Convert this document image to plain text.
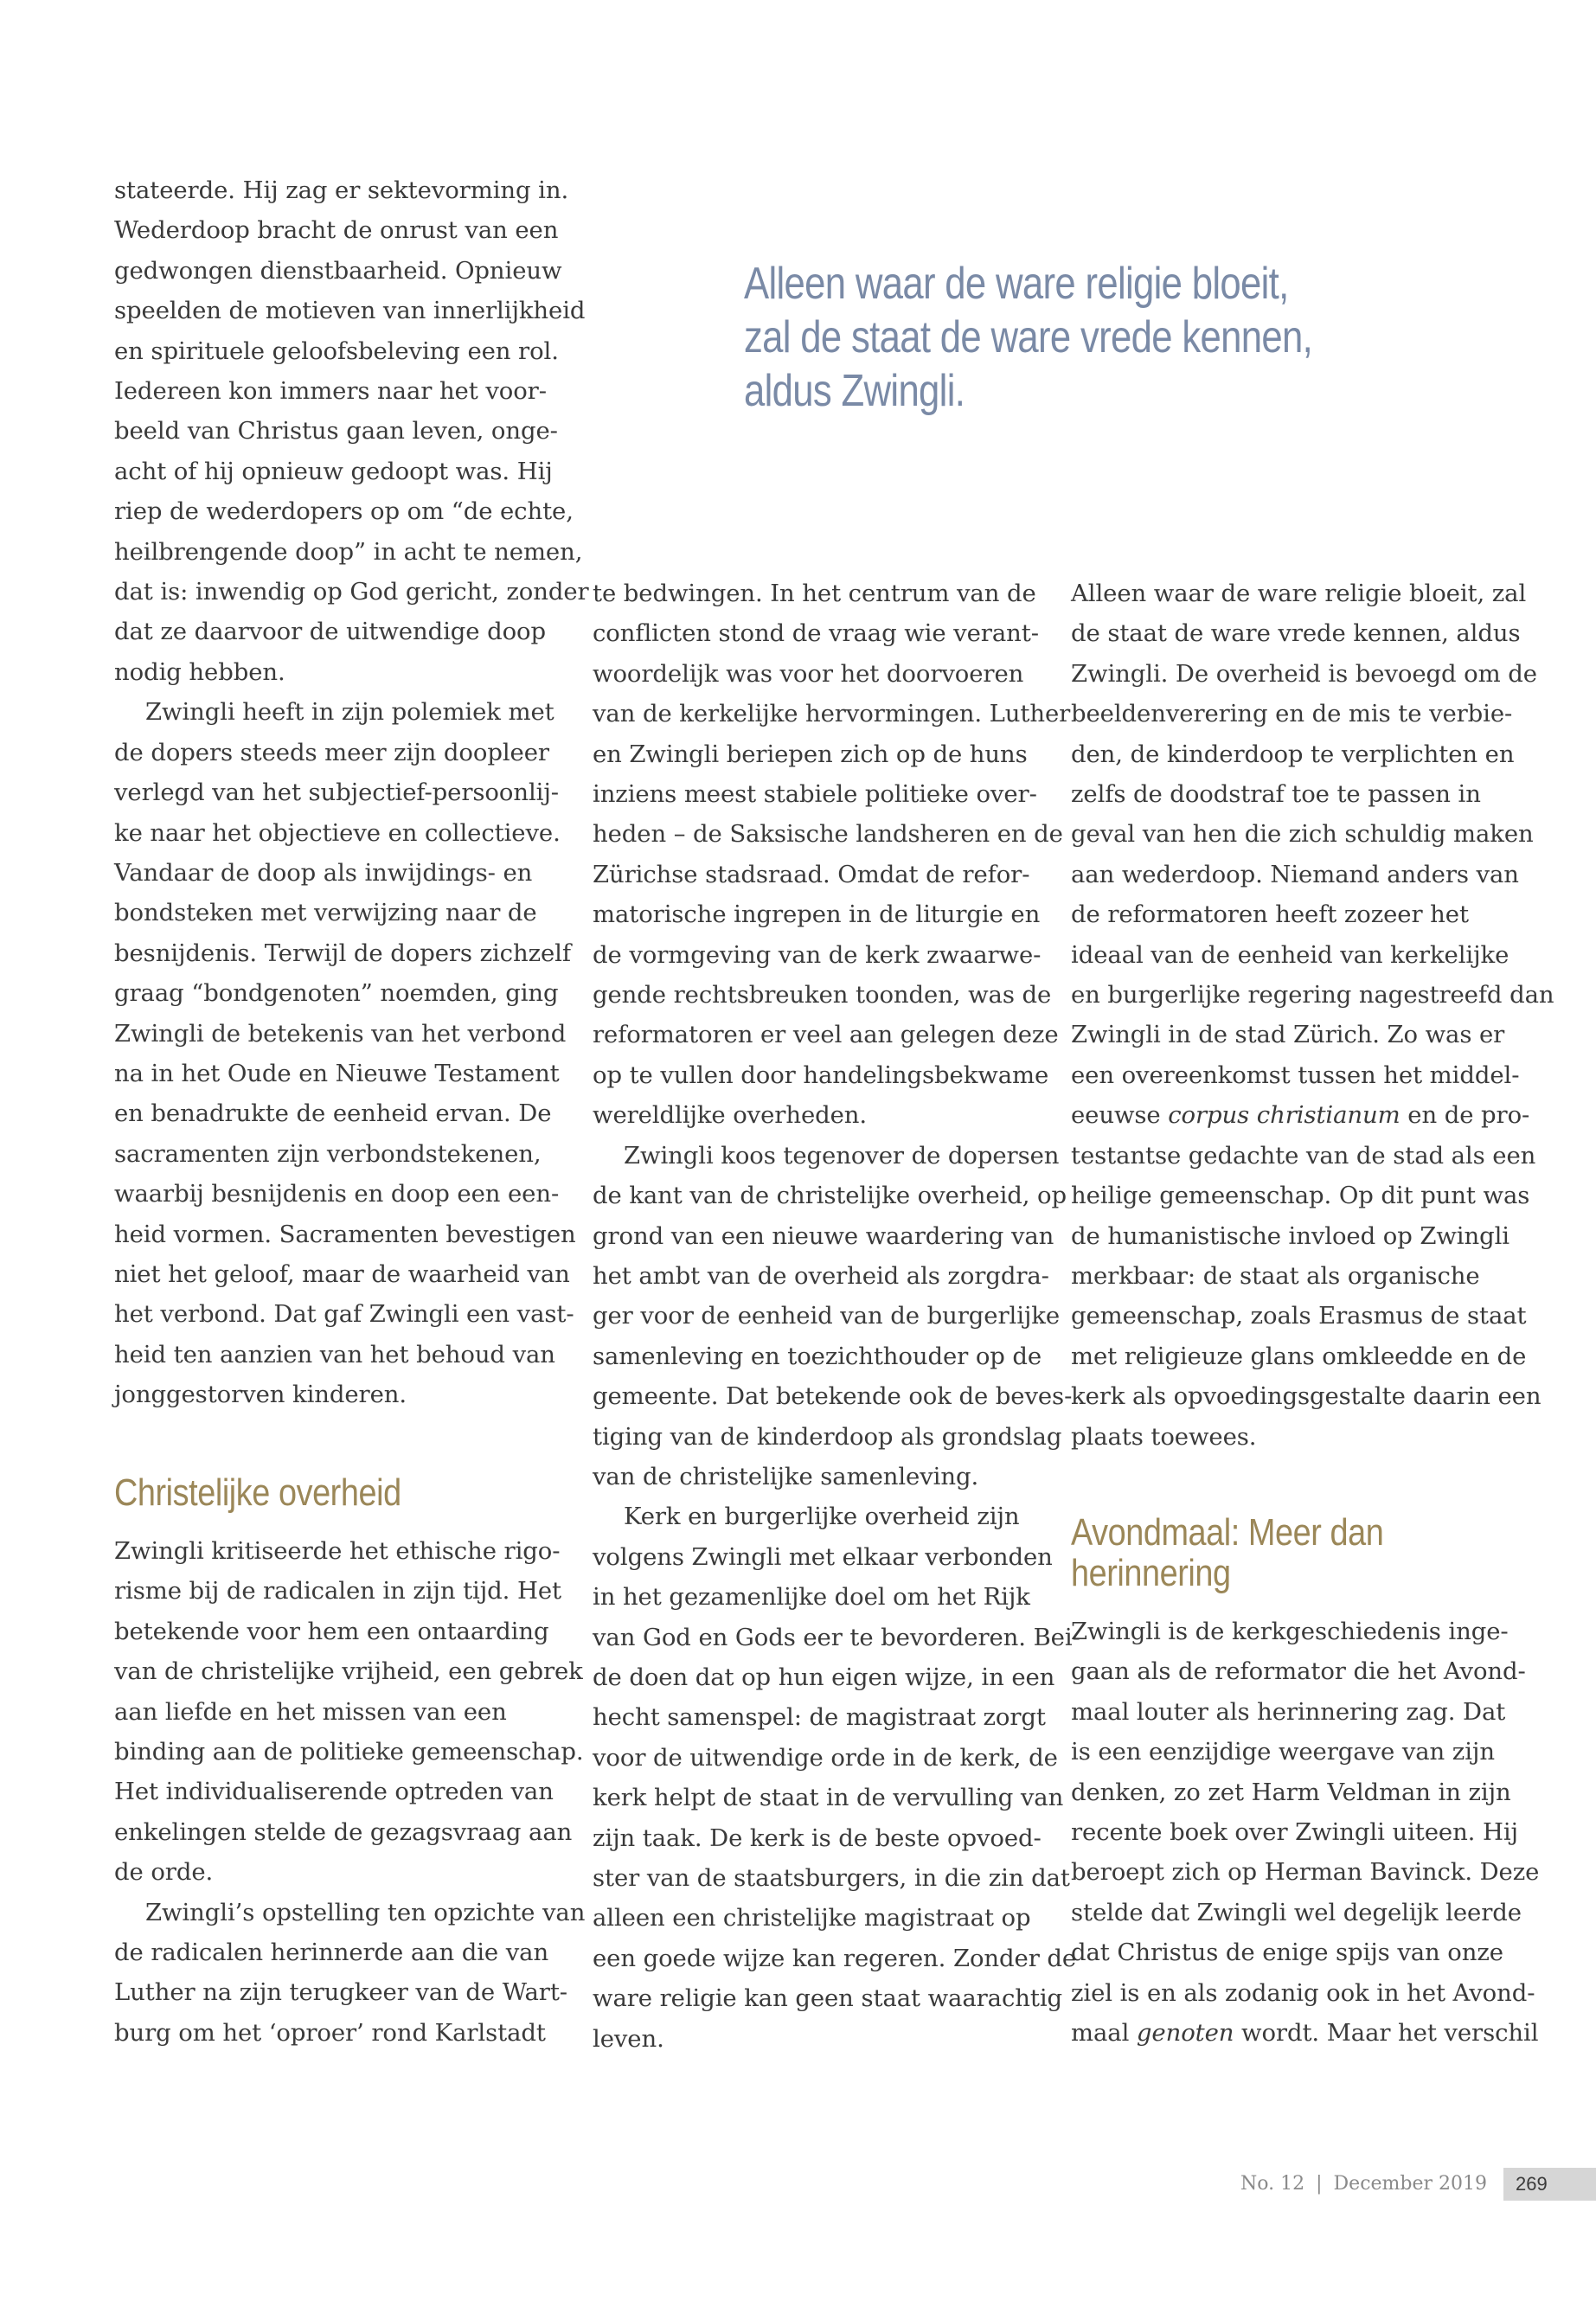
Alleen waar de ware religie bloeit,
zal de staat de ware vrede kennen,
aldus Zwingli.

stateerde. Hij zag er sektevorming in.

Wederdoop bracht de onrust van een

gedwongen dienstbaarheid. Opnieuw

speelden de motieven van innerlijkheid

en spirituele geloofsbeleving een rol.

Iedereen kon immers naar het voor-

beeld van Christus gaan leven, onge-

acht of hij opnieuw gedoopt was. Hij

riep de wederdopers op om “de echte,

heilbrengende doop” in acht te nemen,

dat is: inwendig op God gericht, zonder

dat ze daarvoor de uitwendige doop

nodig hebben.

Zwingli heeft in zijn polemiek met

de dopers steeds meer zijn doopleer

verlegd van het subjectief-persoonlij-

ke naar het objectieve en collectieve.

Vandaar de doop als inwijdings- en

bondsteken met verwijzing naar de

besnijdenis. Terwijl de dopers zichzelf

graag “bondgenoten” noemden, ging

Zwingli de betekenis van het verbond

na in het Oude en Nieuwe Testament

en benadrukte de eenheid ervan. De

sacramenten zijn verbondstekenen,

waarbij besnijdenis en doop een een-

heid vormen. Sacramenten bevestigen

niet het geloof, maar de waarheid van

het verbond. Dat gaf Zwingli een vast-

heid ten aanzien van het behoud van

jonggestorven kinderen.

Christelijke overheid

Zwingli kritiseerde het ethische rigo-

risme bij de radicalen in zijn tijd. Het

betekende voor hem een ontaarding

van de christelijke vrijheid, een gebrek

aan liefde en het missen van een

binding aan de politieke gemeenschap.

Het individualiserende optreden van

enkelingen stelde de gezagsvraag aan

de orde.

Zwingli’s opstelling ten opzichte van

de radicalen herinnerde aan die van

Luther na zijn terugkeer van de Wart-

burg om het ‘oproer’ rond Karlstadt

te bedwingen. In het centrum van de

conflicten stond de vraag wie verant-

woordelijk was voor het doorvoeren

van de kerkelijke hervormingen. Luther

en Zwingli beriepen zich op de huns

inziens meest stabiele politieke over-

heden – de Saksische landsheren en de

Zürichse stadsraad. Omdat de refor-

matorische ingrepen in de liturgie en

de vormgeving van de kerk zwaarwe-

gende rechtsbreuken toonden, was de

reformatoren er veel aan gelegen deze

op te vullen door handelingsbekwame

wereldlijke overheden.

Zwingli koos tegenover de dopersen

de kant van de christelijke overheid, op

grond van een nieuwe waardering van

het ambt van de overheid als zorgdra-

ger voor de eenheid van de burgerlijke

samenleving en toezichthouder op de

gemeente. Dat betekende ook de beves-

tiging van de kinderdoop als grondslag

van de christelijke samenleving.

Kerk en burgerlijke overheid zijn

volgens Zwingli met elkaar verbonden

in het gezamenlijke doel om het Rijk

van God en Gods eer te bevorderen. Bei-

de doen dat op hun eigen wijze, in een

hecht samenspel: de magistraat zorgt

voor de uitwendige orde in de kerk, de

kerk helpt de staat in de vervulling van

zijn taak. De kerk is de beste opvoed-

ster van de staatsburgers, in die zin dat

alleen een christelijke magistraat op

een goede wijze kan regeren. Zonder de

ware religie kan geen staat waarachtig

leven.

Alleen waar de ware religie bloeit, zal

de staat de ware vrede kennen, aldus

Zwingli. De overheid is bevoegd om de

beeldenverering en de mis te verbie-

den, de kinderdoop te verplichten en

zelfs de doodstraf toe te passen in

geval van hen die zich schuldig maken

aan wederdoop. Niemand anders van

de reformatoren heeft zozeer het

ideaal van de eenheid van kerkelijke

en burgerlijke regering nagestreefd dan

Zwingli in de stad Zürich. Zo was er

een overeenkomst tussen het middel-

eeuwse corpus christianum en de pro-

testantse gedachte van de stad als een

heilige gemeenschap. Op dit punt was

de humanistische invloed op Zwingli

merkbaar: de staat als organische

gemeenschap, zoals Erasmus de staat

met religieuze glans omkleedde en de

kerk als opvoedingsgestalte daarin een

plaats toewees.

Avondmaal: Meer dan
herinnering

Zwingli is de kerkgeschiedenis inge-

gaan als de reformator die het Avond-

maal louter als herinnering zag. Dat

is een eenzijdige weergave van zijn

denken, zo zet Harm Veldman in zijn

recente boek over Zwingli uiteen. Hij

beroept zich op Herman Bavinck. Deze

stelde dat Zwingli wel degelijk leerde

dat Christus de enige spijs van onze

ziel is en als zodanig ook in het Avond-

maal genoten wordt. Maar het verschil

No. 12 | December 2019	269
